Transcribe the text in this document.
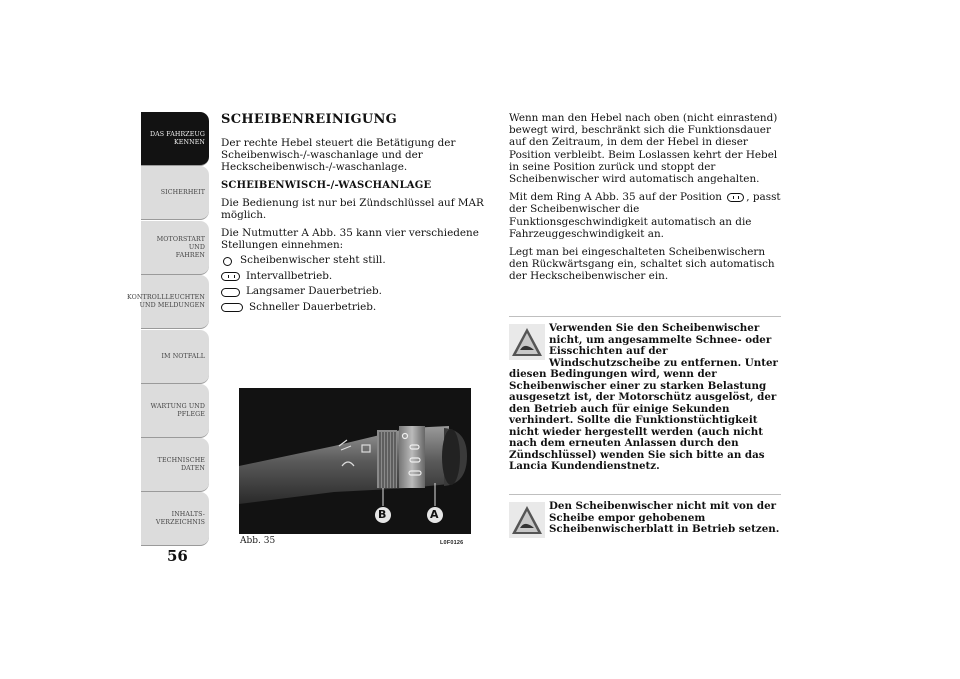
DAS FAHRZEUG
KENNEN
SICHERHEIT
MOTORSTART UND
FAHREN
KONTROLLLEUCHTEN
UND MELDUNGEN
IM NOTFALL
WARTUNG UND
PFLEGE
TECHNISCHE
DATEN
INHALTS-
VERZEICHNIS
56
SCHEIBENREINIGUNG

Der rechte Hebel steuert die Betätigung der Scheibenwisch-/-waschanlage und der Heckscheibenwisch-/-waschanlage.

SCHEIBENWISCH-/-WASCHANLAGE

Die Bedienung ist nur bei Zündschlüssel auf MAR möglich.

Die Nutmutter A Abb. 35 kann vier verschiedene Stellungen einnehmen:

Scheibenwischer steht still.
Intervallbetrieb.
Langsamer Dauerbetrieb.
Schneller Dauerbetrieb.
B	A
Abb. 35	L0F0126

Wenn man den Hebel nach oben (nicht einrastend) bewegt wird, beschränkt sich die Funktionsdauer auf den Zeitraum, in dem der Hebel in dieser Position verbleibt. Beim Loslassen kehrt der Hebel in seine Position zurück und stoppt der Scheibenwischer wird automatisch angehalten.

Mit dem Ring A Abb. 35 auf der Position , passt der Scheibenwischer die Funktionsgeschwindigkeit automatisch an die Fahrzeuggeschwindigkeit an.

Legt man bei eingeschalteten Scheibenwischern den Rückwärtsgang ein, schaltet sich automatisch der Heckscheibenwischer ein.

Verwenden Sie den Scheibenwischer nicht, um angesammelte Schnee- oder Eisschichten auf der Windschutzscheibe zu entfernen. Unter diesen Bedingungen wird, wenn der Scheibenwischer einer zu starken Belastung ausgesetzt ist, der Motorschütz ausgelöst, der den Betrieb auch für einige Sekunden verhindert. Sollte die Funktionstüchtigkeit nicht wieder hergestellt werden (auch nicht nach dem erneuten Anlassen durch den Zündschlüssel) wenden Sie sich bitte an das Lancia Kundendienstnetz.
Den Scheibenwischer nicht mit von der Scheibe empor gehobenem Scheibenwischerblatt in Betrieb setzen.
